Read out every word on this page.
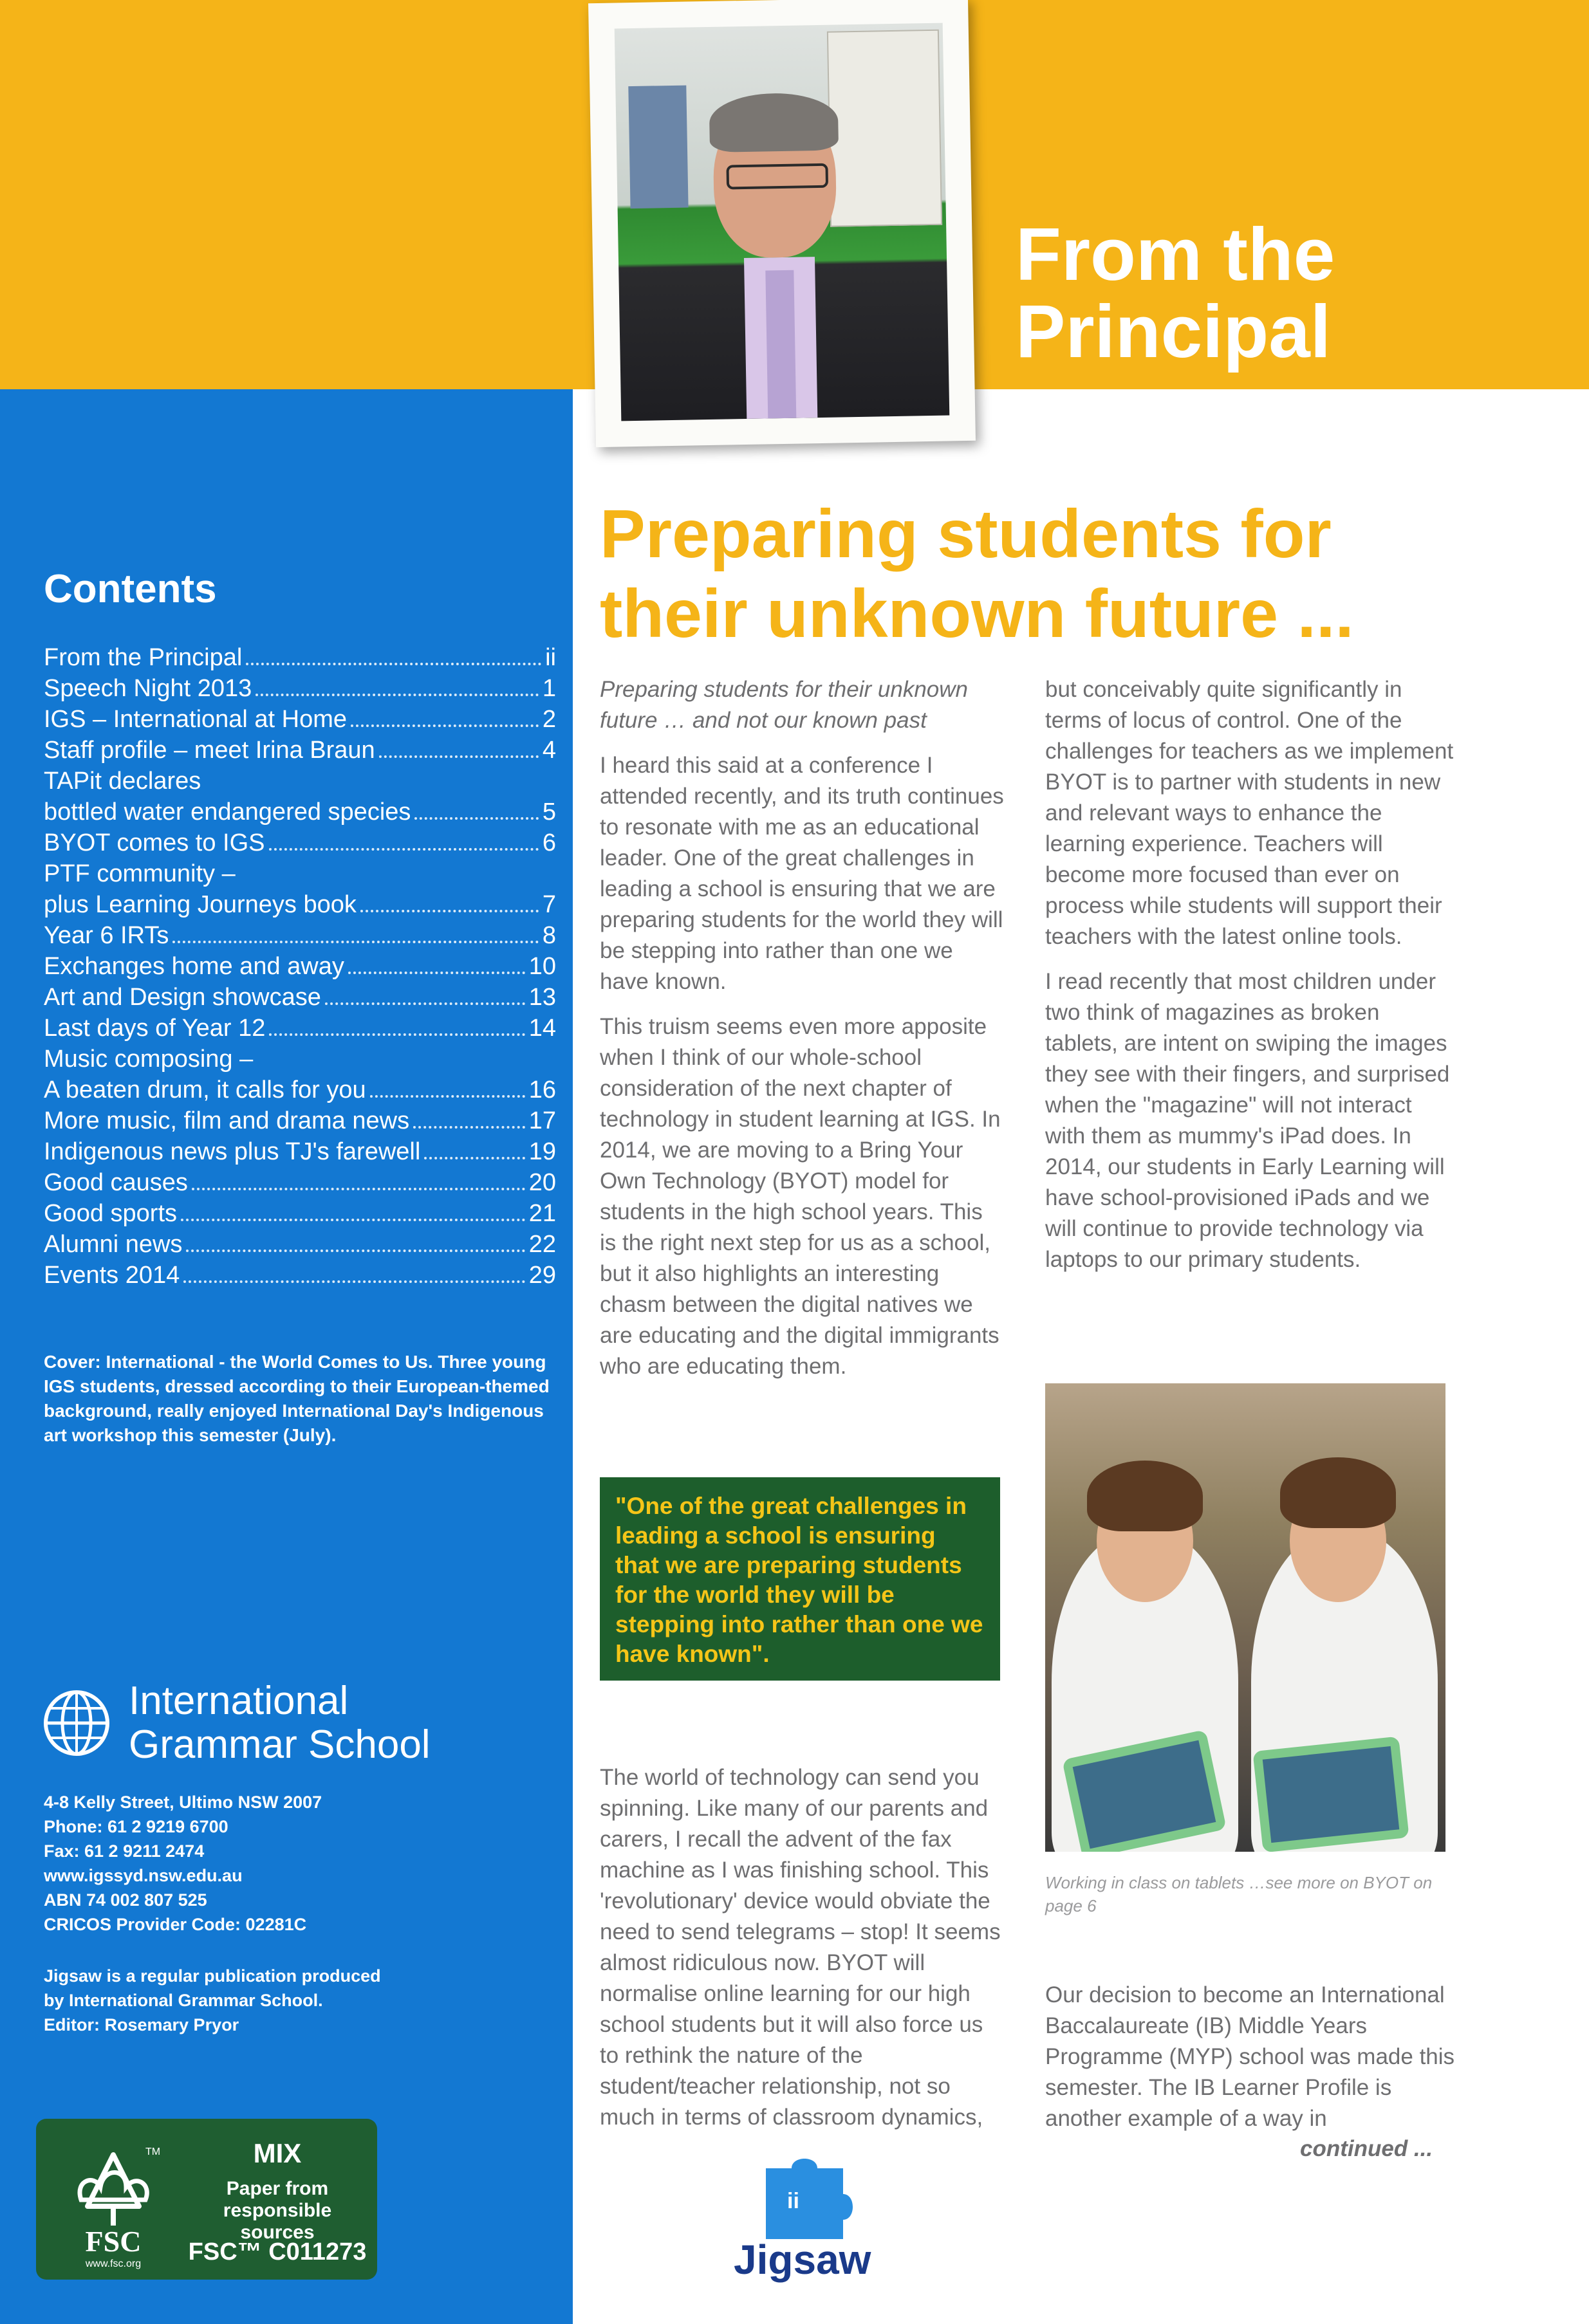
From the
Principal
Contents
From the Principal	ii
Speech Night 2013	1
IGS – International at Home	2
Staff profile – meet Irina Braun	4
TAPit declares
bottled water endangered species	5
BYOT comes to IGS	6
PTF community –
plus Learning Journeys book	7
Year 6 IRTs	8
Exchanges home and away	10
Art and Design showcase	13
Last days of Year 12	14
Music composing –
A beaten drum, it calls for you	16
More music, film and drama news	17
Indigenous news plus TJ's farewell	19
Good causes	20
Good sports	21
Alumni news	22
Events 2014	29

Cover: International - the World Comes to Us. Three young IGS students, dressed according to their European-themed background, really enjoyed International Day's Indigenous art workshop this semester (July).

International
Grammar School
4-8 Kelly Street, Ultimo NSW 2007
Phone: 61 2 9219 6700
Fax: 61 2 9211 2474
www.igssyd.nsw.edu.au
ABN 74 002 807 525
CRICOS Provider Code: 02281C

Jigsaw is a regular publication produced
by International Grammar School.
Editor: Rosemary Pryor

TM
FSC
www.fsc.org
MIX
Paper from responsible sources
FSC™ C011273
Preparing students for
their unknown future ...

Preparing students for their unknown future … and not our known past

I heard this said at a conference I attended recently, and its truth continues to resonate with me as an educational leader. One of the great challenges in leading a school is ensuring that we are preparing students for the world they will be stepping into rather than one we have known.

This truism seems even more apposite when I think of our whole-school consideration of the next chapter of technology in student learning at IGS. In 2014, we are moving to a Bring Your Own Technology (BYOT) model for students in the high school years. This is the right next step for us as a school, but it also highlights an interesting chasm between the digital natives we are educating and the digital immigrants who are educating them.

"One of the great challenges in leading a school is ensuring that we are preparing students for the world they will be stepping into rather than one we have known".

The world of technology can send you spinning. Like many of our parents and carers, I recall the advent of the fax machine as I was finishing school. This 'revolutionary' device would obviate the need to send telegrams – stop! It seems almost ridiculous now. BYOT will normalise online learning for our high school students but it will also force us to rethink the nature of the student/teacher relationship, not so much in terms of classroom dynamics,

but conceivably quite significantly in terms of locus of control. One of the challenges for teachers as we implement BYOT is to partner with students in new and relevant ways to enhance the learning experience. Teachers will become more focused than ever on process while students will support their teachers with the latest online tools.

I read recently that most children under two think of magazines as broken tablets, are intent on swiping the images they see with their fingers, and surprised when the "magazine" will not interact with them as mummy's iPad does. In 2014, our students in Early Learning will have school-provisioned iPads and we will continue to provide technology via laptops to our primary students.

Working in class on tablets …see more on BYOT on page 6

Our decision to become an International Baccalaureate (IB) Middle Years Programme (MYP) school was made this semester. The IB Learner Profile is another example of a way in

continued ...
ii
Jigsaw
